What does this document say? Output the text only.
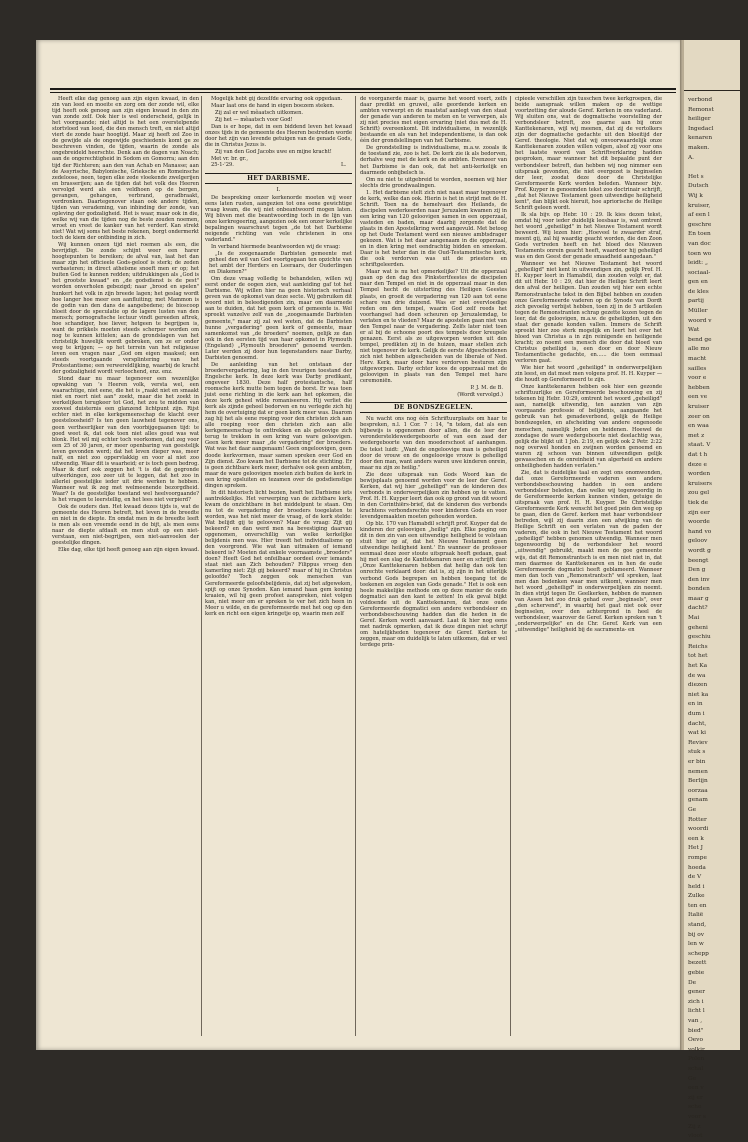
verbond
Remonst
heiliger
Ingedacl
kenaren
maken.
A.

Het s
Dutsch
Wij k
kruiser,
af een l
geschre
En toen
van doc
toen wo
leidt: „
sociaal-
gen en
de kles
partij
Müller
woord v
Wat
bend ge
alle mo
macht
sailles
voor e
hebben
een ve
kruiser
zeer on
en waa
met z
staat. V
dat t h
deze e
worden
kruisers
zou gel
tiek de
zijn eer
woorde
hand vo
geloov
wordt g
beengt
Den g
den inv
bonden
maar g
dacht?
Mai
geheni
geschiu
Reichs
tot het
het Ka
de wa
diezen
niet ka
en in
dum i
dacht,
wat ki
Reviev
stuk s
er bin
nemen
Berlijn
oorzaa
genam
Ge
Rotter
woordi
een k
Het J
rompe
hoeda
de V
held i
Zulke
ten en
Italië
stand,
bij ov
len w
schepp
bezett
gebie
De
gener
zich i
licht l
van ,
bied"
Oevo
volkir
Polen
schal
Ge
een v
zij er
sche
voor s
Zij z
vloot

Heeft elke dag genoeg aan zijn eigen kwaad, in den zin van leed en moeite en zorg om der zonde wil, elke tijd heeft ook genoeg aan zijn eigen kwaad in den zin van zonde zelf. Ook hier is wel onderscheid, gelijk in het voorgaande; niet altijd is het een overstelpende stortvloed van leed, die den mensch treft, en niet altijd viert de zonde haar hoogtijd. Maar zij heeft zel Zoo in de gewijde als de ongewijde geschiedenis komt ge ze beschreven vinden, de tijden, waarin de zonde als ongebreideld heerschte. Denk aan de dagen van Noach; aan de ongerechtigheid in Sodom en Gomorra; aan den tijd der Richteren; aan den van Achab en Manasse; aan de Assyrische, Babylonische, Grieksche en Romeinsche zedeloose, neen, tegen elke zede vloekende zwelgerijen en brasserijen; aan de tijden dat het volk des Heeren vervolgd werd als een veldhoen op de bergen, gevangen, gehangen, verbrand, geradbraakt, verdronken. Daartegenover staan ook andere tijden, tijden van verademing, van inbinding der zonde, van opleving der godzaligheid. Het is waar, maar ook in die, welke wij van die tijden nog de beste zouden noemen, wroet en vreet de kanker van het verderf. Kan strekt niet! Wat wij soms het beste rekenen, borgt ondermerkt toch de kiem der ontbinding in zich.

Wij kunnen onzen tijd niet roemen als een, die bevrijdigt. De zonde schijnt weer een harer hoogtepunten te bereiken; de afval van, laat het dan maar zijn het officieele Gods-geloof is sterk; de zeden verbasteren; in direct atheïsme snoeft men er op; het buiten God te kunnen redden; uitdrukkingen als „God is het grootste kwaad" en „de godsdienst is de pest" worden onverholen gebezigd; naar „brood en spelen" hunkert het volk in zijn breede lagen; het geslag wordt hoe langer hoe meer een aanfluiting; met Mammon is de godin van den dans de aangebedene; de bioscoop bloeit door de speculatie op de lagere lusten van den mensch; pornografische lectuur vindt gereeden aftrek, hoe schandiger, hoe liever, hetgeen te begrijpen is, want de prikkels moeten steeds scherper worden om nog te kunnen kittelen; aan de grondslagen van het christelijk huwelijk wordt gebroken, om ze er onder weg te krijgen; — op het terrein van het religieuse leven een vragen naar „God om eigen maaksel; een steeds voortgaande versplintering van het Protestantisme; een verwereldlijking, waarbij de kracht der godzaligheid wordt verloochend, enz. enz.

Stond daar nu maar tegenover een wezenlijke opwaking van ’s Heeren volk, versta wel, een waarachtige, niet eene, die het is „raakt niet en smaakt niet en roert niet aan" zoekt, maar die het zoekt in werkelijken terugkeer tot God, het zou te midden van zooveel duisternis een glanzend lichtpunt zijn. Rijst echter niet in elke kerkgemeenschap de klacht over geesteloosheid? Is ten geen lauwheid tegenover ons, geen vertheerlijker van den voorbijgegaanen tijd: te goed weet ik, dat ook toen niet alles goud was wat blonk. Het wil mij echter toch voorkomen, dat zeg voor een 25 of 30 jaren, er meer openbaring van geestelijk leven gevonden werd; dat het leven dieper was, meer naïf, en niet zoo oppervlakkig en voor al niet zoo uitwendig. Waar dit is waarheid; er is toch geen bedrog. Maar ik durf ook zeggen het 't is dat de gegronde uitwerkingen, zoo zeer uit te leggen, dat het zoo in allerlei geestelijke ieder uit drie werken te hebben. Wanneer wat ik zeg met welmeenende bezorgdheid. Waar? Is de geestelijke toestand wel heelvoorgaande? Is het vragen te leerstellig, en het lees niet verpierd?

Ook de ouders dan. Het kwaad dezes tijds is, wat de gemeente des Heeren betreft, het leven in de breedte en niet in de diepte. En omdat men in de breedte leeft is men als een vreemde eend in de bijt, als men eens naar de diepte afdaalt en men stuit op een niet-verstaan, een niet-begrijpen, een niet-aanvoelen der geestelijke dingen.

Elke dag, elke tijd heeft genoeg aan zijn eigen kwaad.

Mogelijk hebt gij dezelfde ervaring ook opgedaan.

Maar laat ons de hand in eigen boezem steken.

Zij zal er wel mêaatsch uitkomen.

Zij het — mêaatsch voor God!

Dan is er hope, dat in een biddend leven het kwaad onzes tijds in de gemeente des Heeren bestreden worde door het zijn van levende getuigen van de genade Gods, die in Christus Jezus is.

Zij van den God Jacobs uwe en mijne kracht!

Met vr. br. gr.,

25-1-'29.	L.

HET DARBISME.
I.

De bespreking onzer kerkenorde moeten wij weer eens laten rusten, aangezien tot ons eene gewichtige vraag kwam, die wij niet onbeantwoord mogen laten. Wij bliven met die beantwoording toch in de lijn van onze kerkregeering, aangezien ook een onzer kerkelijke bepalingen waarschuwt tegen „de tot het Darbisme neigende richting van vele christenen in ons vaderland."

In verband hiermede beantwoorden wij de vraag:

„Is de zoogenaamde Darbisten gemeente met geheel den wil van God voortgegaan ten opzichte van het ambt der Herders en Leeraars, der Ouderlingen en Diakenen?"

Om deze vraag volledig te behandelen, willen wij eerst onder de oogen zien, wat aanleiding gaf tot het Darbisme. Wij willen hier na geen historisch verhaal geven van de opkomst van deze secte. Wij gebruiken dit woord niet in beleedigenden zin, maar om daarmede aan te duiden, dat het geen kerk of gemeente is. Wel spreekt vanzelve zelf van de „zoogenaamde Darbisten gemeente," maar zij zal wel weten, dat de Darbisten hunne „vergadering" geen kerk of gemeente, maar samenkomst van „de broeders" noemen, gelijk ze dan ook in den eersten tijd van haar opkomst in Plymouth (Engeland) „Plymouth broederen" genoemd werden. Later werden zij door hun tegenstanders naar Darby, Darbisten genoemd.

De aanleiding van het ontstaan der broedervergadering, lag in den treurigen toestand der Engelsche kerk. In deze kerk was Darby predikant, ongeveer 1830. Deze half protestantsche, half roomsche kerk mutte hem tegen de borst. Er was toen juist eene richting in die kerk aan het opkomen, die deze kerk geheel wilde romaniseeren. Hij verliet die kerk als zijnde geheel bedorven en nu verlegde zich hij hem de overtuiging dat er geen kerk meer was. Daarom zag hij het als eene roeping voor den christen zich aan alle roeping voor den christen zich aan alle kerkgemeenschap te onttrekken en als geloovige zich terug te trekken in een kring van ware geloovigen. Geen kerk meer maar „de vergadering" der broeders. Wat was het daar aangenaam! Geen ongeloovigen, geen doode kerkvormen, maar samen spreken over God en Zijn dienst. Zoo kwam het Darbisme tot de stichting. Er is geen zichtbare kerk meer, derhalve ook geen ambten, maar de ware geloovigen moeten zich buiten de kerk in een kring opsluiten en tezamen over de godsdienstige dingen spreken.

In dit historisch licht bezien, heeft het Darbisme iets aantrekkelijks. Het verwerping van de zichtbare kerk, kwam de onzichtbare in het middelpunt te staan. Om nu tot de vergadering der broeders toegelaten te worden, was het niet meer de vraag, of de kerk stelde: Wat belijdt gij te gelooven? Maar de vraag: Zijt gij bekeerd? en dan werd men na bevestiging daarvan opgenomen, onverschillig van welke kerkelijke belijdenis men was. Hier treedt het individualisme op den voorgrond. Wie wat kan uitmaken of iemand bekeerd is? Moeten dat enkele voornaamste „broeders" doen? Heeft God het onfeilbaar oordeel over iemands staat niet aan Zich behouden? Filippus vroeg den kamerling niet: Zijt gij bekeerd? maar of hij in Christus geloofde? Toch zeggen ook menschen van Gereformeerde geloofsbelijdenis, dat zij het afgeweken, spijt op onze Synoden. Kan iemand haan gem koning kraaien, wil hij geen profeet aanspreken, niet volgen kan, niet meer om er spreken te ver het zich heen in Meer u wilde, en de gereformeerde met het oog op den kerk en richt een eigen kringetje op, waarin men zelf

de voorganerde maar is, gaarne het woord voert, zelfs daar predikt en gruwel, alle geordende kerken en ambten verwerpt en de maatstaf aanlegt van den staat der genade van anderen te meten en te verwerpen, als zij niet precies met eigen ervaring (niet dus met de H. Schrift) overeenkomt. Dit individualisme, in wezenlijk bestaande en als van het independentisme, is dan ook één der grondslellingen van het Darbisme.

De grondstelling is individualisme, m.a.w. zooals ik de toestand zie, zoo is het. De kerk zie ik als bedorven, derhalve weg met de kerk en de ambten. Evenzeer van het Darbisme is dan ook, dat het anti-kerkelijk en daarmede onbijbelsch is.

Om nu niet te uitgebreid te worden, noemen wij hier slechts drie grondwaalingen.

1. Het darbisme stelt zich niet naast maar tegenover de kerk, welke dan ook. Hierin is het in strijd met de H. Schrift. Toen na de hemelvaart des Heilands, de discipelen wederkeerden naar Jeruzalem kwamen zij in een kring van 120 geloovigen samen in een opperzaal, vasteden en baden, maar daarbij zorgende dat de plaats in den Apostelkring werd aangevuld. Met betoog op het Oude Testament werd een nieuwe ambtsdrager gekozen. Wat is het daar aangenaam in die opperzaal, en in dien kring met eendrachtig bidden en smeeken. Daar is het beter dan in die Oud-Testamentische kerk, die ook verdorven was uit de priesters en schriftgeleerden.

Maar wat is nu het opmerkelijke? Uit die opperzaal gaan op den dag des Pinkstertfeestes de discipelen naar den Tempel en niet in de opperzaal maar in den Tempel hecht de uitstorting des Heiligen Geestes plaats, en groeit de vergadering van 120 aan tot eene schare van drie duizend. Was er niet overvloedige reden om den tempel, waarin God zelf reeds het voorhangsel had doen scheuren op Jeruzalemdag, te verlaten en te vlieden? Maar de apostelen gaan niet van den Tempel naar de vergadering. Zelfs later niet toen er al bij de echoone poort des tempels door kreupele genazen. Eerst als ze uitgeworpen worden uit den tempel, predikten zij in de huizen, maar stellen zich niet tegenover de kerk. Gelijk de eerste Afgescheidenen zich niet hebben afgescheiden van de liberale of Ned. Herv. Kerk, maar door hare verdorven besturen zijn uitgeworpen. Darby echter koos de opperzaal met de geloovigen in plaats van den Tempel met hare ceremoniën.

P. J. M. de B.

(Wordt vervolgd.)

DE BONDSZEGELEN.

Nu wacht ons nog één Schriftuurplaats om haar te bespreken, n.l. 1 Cor. 7 : 14, "n teken, dat als een bijbewijs is opgenomen door allen, die de leer der verondersteldewedergeboorte of van een zaad der wedergeboorte van den moederschoot af aanhangen. De tekst luidt: „Want de ongeloovige man is geheiligd door de vrouw en de ongeloovige vrouw is geheiligd door den man, want anders waren uwe kinderen onrein, maar nu zijn ze heilig."

Zie deze uitspraak van Gods Woord kan de bewijsplaats genoemd worden voor de leer der Geref. Kerken, dat wij hier „geheiligd" van de kinderen des verbonds in onderwerpelijken zin hebben op te vatten. Prof. H. H. Kuyper leert dan ook op grond van dit woord in den Corinthiërs-brief, dat de kinderen des verbonds krachtens verbondsrechte voor kinderen Gods en voor levendgemaakten moeten gehouden worden.

Op blz. 170 van Hamabdil schrijft prof. Kuyper dat de kinderen der geloovigen „heilig" zijn. Elke poging om dit in den zin van een uitwendige heiligheid te volstaan stuit hier op af, dat het Nieuwe Testament geen uitwendige heiligheid kent.' En wanneer de professor eenmaal deze zeer stoute uitspraak heeft gedaan, gaat hij met een slag de Kanttekenaren neer en schrijft dan: „Onze Kanttekenaren hebben dat heilig dan ook ten onrechte verklaard door: dat is, zij zijn in het uiterlijk verbond Gods begrepen en hebben toegang tot de teekenen en zegelen van Gods genade." Het is ook een heele makkelijke methode om op deze manier de oude dogmatici aan den kant te zetten! In elk geval blijkt voldoende uit de Kanttekenaren, dat onze oude Gereformeerde dogmatici een andere verbondsleer en verbondsbeschouwing hadden dan die heden in de Geref. Kerken wordt aanvaard. Laat ik hier nog eens met nadruk opmerken, dat ik deze dingen niet schrijf om hatelijkheden tegenover de Geref. Kerken te zeggen, maar om duidelijk te laten uitkomen, dat er wel terdege prin-

cipieele verschillen zijn tusschen twee kerkgroepen, die beide aanspraak willen maken op de wettige voortzetting der aloude Geref. Kerken in ons vaderland. Wij sluiten ons, wat de dogmatische voorstelling der verbondsleer betreft, zoo gaarne aan bij onze Kanttekenaren, wijl wij meenen, dat zij de vertolkers zijn der dogmatische gedachte uit den bloeitijd der Geref. theologie. Niet dat wij onvoorwaardelijk onze Kanttekenaren zouden willen volgen, alsof zij voor ons het laatste woord van Schriftverklaring hadden gesproken, maar wanneer het dit bepaalde punt der verbondsleer betreft, dan hebben wij nog nimmer een uitspraak gevonden, die niet overgezet is beginselen der leer, zoodat deze door de Christelijke Gereformeerde Kerk worden beleden. Wanneer bijv. Prof. Kuyper in genoemden tekst zoo doctrinair schrijft, „dat het Nieuwe Testament geen uitwendige heiligheid kent", dan blijkt ook hieruit, hoe apriorische de Heilige Schrift geleen wordt.

Ik sla bijv. op Hebr. 10 : 29. Ik kies dezen tekst, omdat hij voor ieder duidelijk leesbaar is, wat omtrent het woord „geheiligd" in het Nieuwe Testament wordt beweerd. Wij lezen hier: „Hoeveel te zwaarder straf, meent gij, zal hij waardig geacht worden, die den Zoon Gods vertreden heeft en het bloed des Nieuwen Testaments onrein geacht heeft, waardoor hij geheiligd was en den Geest der genade smaadheid aangedaan."

Wanneer we het Nieuwe Testament het woord „geheiligd" niet kent in uitwendigen zin, gelijk Prof. H. H. Kuyper leert in Hamabdil, dan zouden volgt er, dat dit uit Hebr. 10 : 29, dat hier de Heilige Schrift leert den afval der heiligen. Dan zouden wij hier een echte Remonstrantsche tekst in den Bijbel hebben en zouden onze Gereformeerde vaderen op de Synode van Dordt zich gevoelig verbijst hebben, toen zij in de 5 artikelen tegen de Remonstranten schrap gezette kozen tegen de leer, dat de geloovigen, m.a.w. de geheiligden, uit den staat der genade konden vallen. Immers de Schrift spreekt hier zoo sterk mogelijk en leert het over het bloed van Christus a in zijn reinigende en heiligende kracht; zo noemt een mensch die door dat bloed van Christus geheiligd is, een door en door Nieuw Testamentische gedachte, en...... die toen eenmaal verloren gaat.

Wie hier het woord „geheiligd" in onderwerpelijken zin leest, en dat moet men volgens prof. H. H. Kuyper — die houdt op Gereformeerd te zijn.

Onze kanttekenaren hebben ook hier een gezonde schriftuurlijke en Gereformeerde beschouwing en zij tekenen bij Hebr. 10:29, omtrent het woord „geheiligd" aan, namelijk uitwendig, ten aanzien van zijn voorgaande professie of belijdenis, aangaande het gebruik van het genadeverbond, gelijk de Heilige bondszegelen, en afscheiding van andere ongenoode menschen, namelijk Joden en heidenen. Hoewel de zondagse de ware wedergeboorte niet deelachtig was, gelijk die blijkt uit 1 Joh. 2:19, en gelijk ook 2 Petr. 2:22 nog overwel honden en zwijnen worden genoemd en waren zij schoon van binnen uitwendigen gelijk gewasschen en de onreinheid van algerheid en andere onheiligheden hadden verlaten."

Zie, dat is duidelijke taal en zegt ons onomwonden, dat onze Gereformeerde vaderen een andere verbondsbeschouwing hadden in een andere verbondsleer beleden, dan welke wij tegenwoordig in de Gereformeerde kerken kunnen vinden, getuige de uitspraak van prof. H. H. Kuyper. De Christelijke Gereformeerde Kerk wenscht het goed pein den weg op te gaan, dien de Geref. kerken met haar verbondsleer betreden, wijl zij daarin zien een afwijking van de Heilige Schrift en een verlaten van de paden der vaderen, die ook in het Nieuwe Testament het woord „geheiligd" hebben genomen uitwendig. Wanneer men tegenwoordig bij de verbondsleer het woord „uitwendig" gebruikt, maakt men de goe gemeente wijs, dat dit Remonstrantsch is en men niet niet in, dat men daarmee de Kanttekenaren en in hen de oude Gereformeerde dogmatici heeft geblameerd. Wanneer men dan toch van „Remonstrantsch" wil spreken, laat men dan bedenken waar men uitkomt, wanneer men het woord „geheiligd" in onderwerpelijken zin neemt. In dien strijd tegen Dr. Geelkerken, hebben de mannen van Assen het zoo druk gehad over „beginsels", over „den schervend", in waarbij het gaat niet ook over beginselen, over den achtergrond in heel de verbondsleer, waarover de Geref. Kerken spreken van 't „onderwerpelijke" en de Chr. Geref. Kerk van een „uitwendige" heiligheid bij de sacramenta- en
